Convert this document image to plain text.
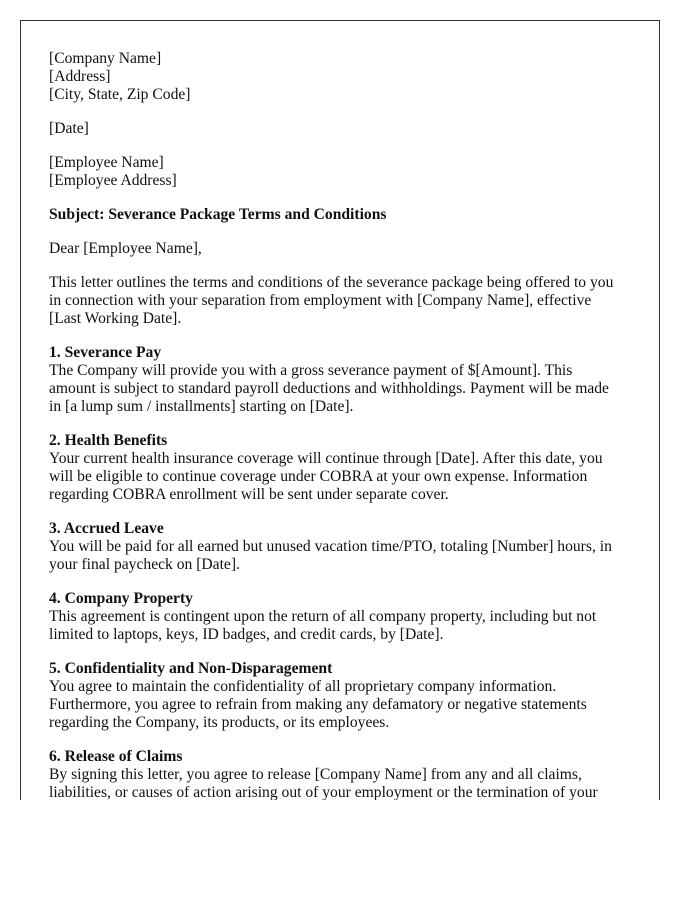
[Company Name]
[Address]
[City, State, Zip Code]
[Date]
[Employee Name]
[Employee Address]
Subject: Severance Package Terms and Conditions
Dear [Employee Name],
This letter outlines the terms and conditions of the severance package being offered to you
in connection with your separation from employment with [Company Name], effective
[Last Working Date].
1. Severance Pay
The Company will provide you with a gross severance payment of $[Amount]. This
amount is subject to standard payroll deductions and withholdings. Payment will be made
in [a lump sum / installments] starting on [Date].
2. Health Benefits
Your current health insurance coverage will continue through [Date]. After this date, you
will be eligible to continue coverage under COBRA at your own expense. Information
regarding COBRA enrollment will be sent under separate cover.
3. Accrued Leave
You will be paid for all earned but unused vacation time/PTO, totaling [Number] hours, in
your final paycheck on [Date].
4. Company Property
This agreement is contingent upon the return of all company property, including but not
limited to laptops, keys, ID badges, and credit cards, by [Date].
5. Confidentiality and Non-Disparagement
You agree to maintain the confidentiality of all proprietary company information.
Furthermore, you agree to refrain from making any defamatory or negative statements
regarding the Company, its products, or its employees.
6. Release of Claims
By signing this letter, you agree to release [Company Name] from any and all claims,
liabilities, or causes of action arising out of your employment or the termination of your
